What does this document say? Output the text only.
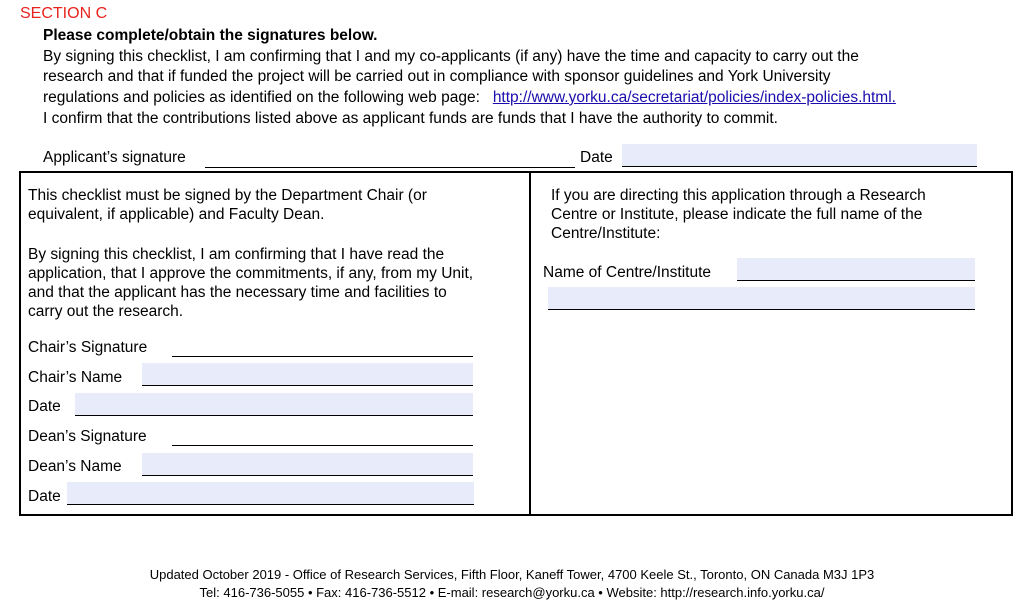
SECTION C
Please complete/obtain the signatures below.
By signing this checklist, I am confirming that I and my co-applicants (if any) have the time and capacity to carry out the
research and that if funded the project will be carried out in compliance with sponsor guidelines and York University
regulations and policies as identified on the following web page: http://www.yorku.ca/secretariat/policies/index-policies.html.
I confirm that the contributions listed above as applicant funds are funds that I have the authority to commit.
Applicant’s signature	Date
This checklist must be signed by the Department Chair (or
equivalent, if applicable) and Faculty Dean.
By signing this checklist, I am confirming that I have read the
application, that I approve the commitments, if any, from my Unit,
and that the applicant has the necessary time and facilities to
carry out the research.
Chair’s Signature
Chair’s Name
Date
Dean’s Signature
Dean’s Name
Date
If you are directing this application through a Research
Centre or Institute, please indicate the full name of the
Centre/Institute:
Name of Centre/Institute
Updated October 2019 - Office of Research Services, Fifth Floor, Kaneff Tower, 4700 Keele St., Toronto, ON Canada M3J 1P3
Tel: 416-736-5055 • Fax: 416-736-5512 • E-mail: research@yorku.ca • Website: http://research.info.yorku.ca/
